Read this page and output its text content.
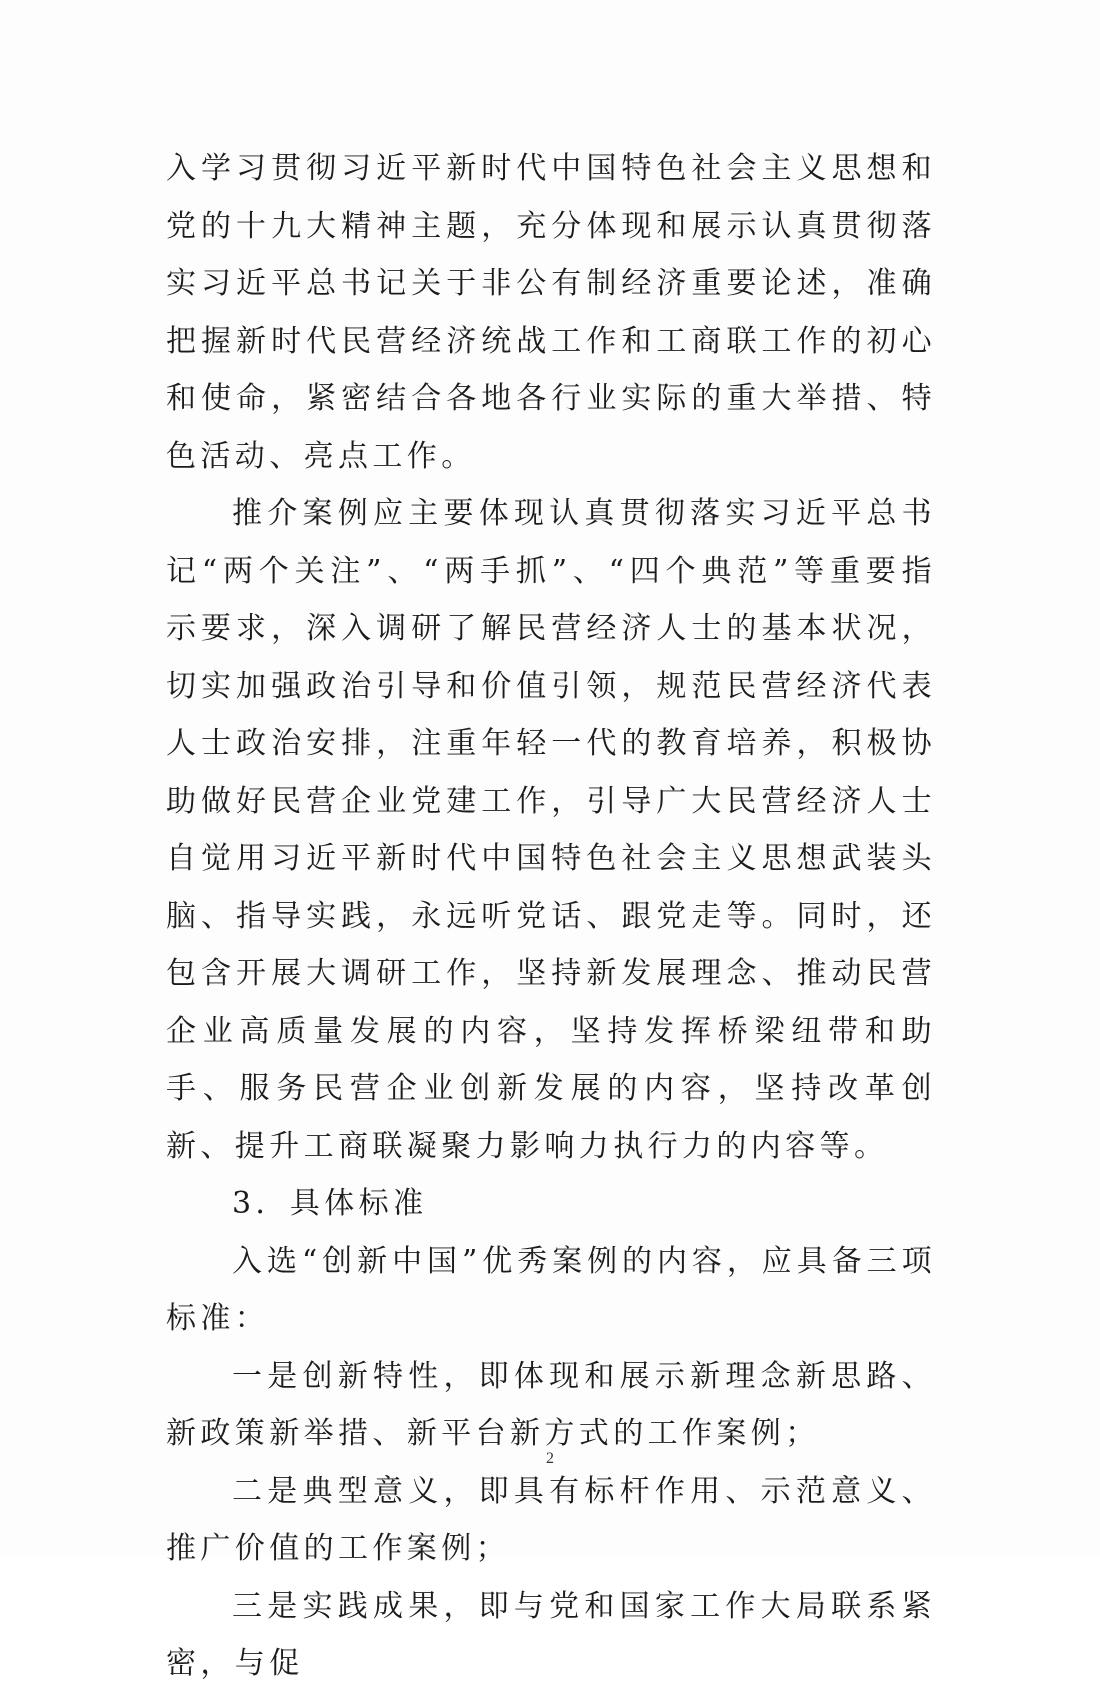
入学习贯彻习近平新时代中国特色社会主义思想和党的十九大精神主题，充分体现和展示认真贯彻落实习近平总书记关于非公有制经济重要论述，准确把握新时代民营经济统战工作和工商联工作的初心和使命，紧密结合各地各行业实际的重大举措、特色活动、亮点工作。

推介案例应主要体现认真贯彻落实习近平总书记“两个关注”、“两手抓”、“四个典范”等重要指示要求，深入调研了解民营经济人士的基本状况，切实加强政治引导和价值引领，规范民营经济代表人士政治安排，注重年轻一代的教育培养，积极协助做好民营企业党建工作，引导广大民营经济人士自觉用习近平新时代中国特色社会主义思想武装头脑、指导实践，永远听党话、跟党走等。同时，还包含开展大调研工作，坚持新发展理念、推动民营企业高质量发展的内容，坚持发挥桥梁纽带和助手、服务民营企业创新发展的内容，坚持改革创新、提升工商联凝聚力影响力执行力的内容等。

3．具体标准

入选“创新中国”优秀案例的内容，应具备三项标准：

一是创新特性，即体现和展示新理念新思路、新政策新举措、新平台新方式的工作案例；

二是典型意义，即具有标杆作用、示范意义、推广价值的工作案例；

三是实践成果，即与党和国家工作大局联系紧密，与促

2
